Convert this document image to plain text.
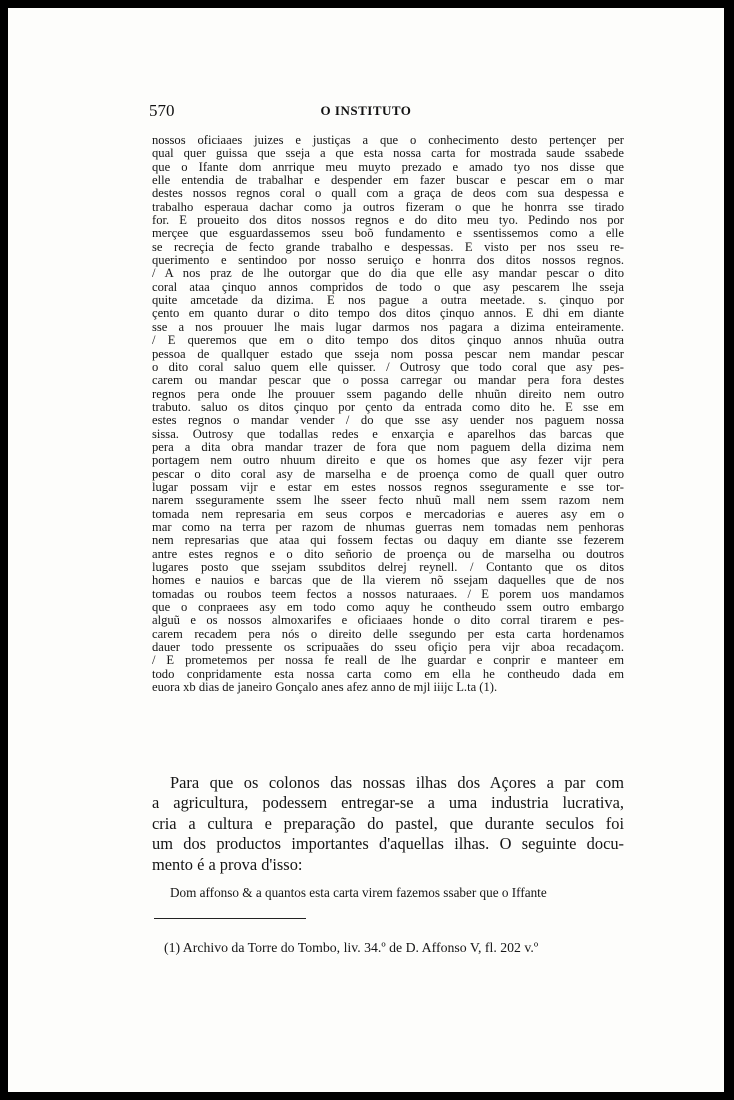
570	O INSTITUTO
nossos oficiaaes juizes e justiças a que o conhecimento desto pertençer per
qual quer guissa que sseja a que esta nossa carta for mostrada saude ssabede
que o Ifante dom anrrique meu muyto prezado e amado tyo nos disse que
elle entendia de trabalhar e despender em fazer buscar e pescar em o mar
destes nossos regnos coral o quall com a graça de deos com sua despessa e
trabalho esperaua dachar como ja outros fizeram o que he honrra sse tirado
for. E proueito dos ditos nossos regnos e do dito meu tyo. Pedindo nos por
merçee que esguardassemos sseu boõ fundamento e ssentissemos como a elle
se recreçia de fecto grande trabalho e despessas. E visto per nos sseu re-
querimento e sentindoo por nosso seruiço e honrra dos ditos nossos regnos.
/ A nos praz de lhe outorgar que do dia que elle asy mandar pescar o dito
coral ataa çinquo annos compridos de todo o que asy pescarem lhe sseja
quite amcetade da dizima. E nos pague a outra meetade. s. çinquo por
çento em quanto durar o dito tempo dos ditos çinquo annos. E dhi em diante
sse a nos prouuer lhe mais lugar darmos nos pagara a dizima enteiramente.
/ E queremos que em o dito tempo dos ditos çinquo annos nhuũa outra
pessoa de quallquer estado que sseja nom possa pescar nem mandar pescar
o dito coral saluo quem elle quisser. / Outrosy que todo coral que asy pes-
carem ou mandar pescar que o possa carregar ou mandar pera fora destes
regnos pera onde lhe prouuer ssem pagando delle nhuũn direito nem outro
trabuto. saluo os ditos çinquo por çento da entrada como dito he. E sse em
estes regnos o mandar vender / do que sse asy uender nos paguem nossa
sissa. Outrosy que todallas redes e enxarçia e aparelhos das barcas que
pera a dita obra mandar trazer de fora que nom paguem della dizima nem
portagem nem outro nhuum direito e que os homes que asy fezer vijr pera
pescar o dito coral asy de marselha e de proença como de quall quer outro
lugar possam vijr e estar em estes nossos regnos sseguramente e sse tor-
narem sseguramente ssem lhe sseer fecto nhuũ mall nem ssem razom nem
tomada nem represaria em seus corpos e mercadorias e aueres asy em o
mar como na terra per razom de nhumas guerras nem tomadas nem penhoras
nem represarias que ataa qui fossem fectas ou daquy em diante sse fezerem
antre estes regnos e o dito señorio de proença ou de marselha ou doutros
lugares posto que ssejam ssubditos delrej reynell. / Contanto que os ditos
homes e nauios e barcas que de lla vierem nõ ssejam daquelles que de nos
tomadas ou roubos teem fectos a nossos naturaaes. / E porem uos mandamos
que o conpraees asy em todo como aquy he contheudo ssem outro embargo
alguũ e os nossos almoxarifes e oficiaaes honde o dito corral tirarem e pes-
carem recadem pera nós o direito delle ssegundo per esta carta hordenamos
dauer todo pressente os scripuaães do sseu ofiçio pera vijr aboa recadaçom.
/ E prometemos per nossa fe reall de lhe guardar e conprir e manteer em
todo conpridamente esta nossa carta como em ella he contheudo dada em
euora xb dias de janeiro Gonçalo anes afez anno de mjl iiijc L.ta (1).
Para que os colonos das nossas ilhas dos Açores a par com
a agricultura, podessem entregar-se a uma industria lucrativa,
cria a cultura e preparação do pastel, que durante seculos foi
um dos productos importantes d'aquellas ilhas. O seguinte docu-
mento é a prova d'isso:
Dom affonso & a quantos esta carta virem fazemos ssaber que o Iffante
(1) Archivo da Torre do Tombo, liv. 34.º de D. Affonso V, fl. 202 v.º
